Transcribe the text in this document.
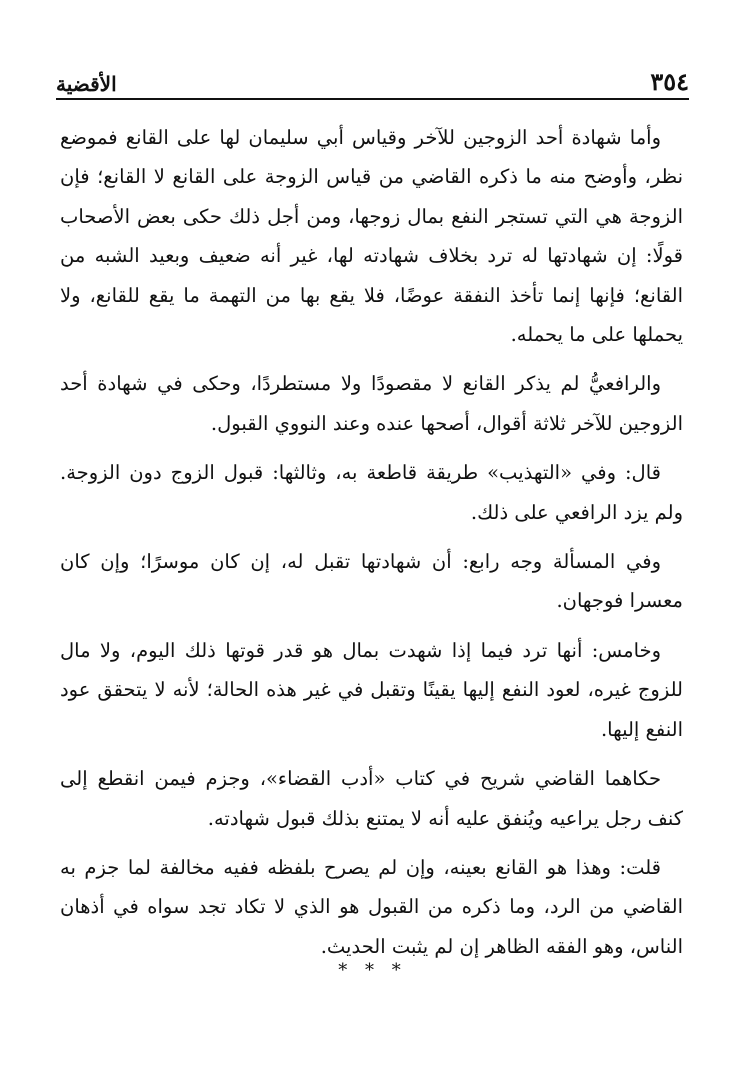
٣٥٤
الأقضية

وأما شهادة أحد الزوجين للآخر وقياس أبي سليمان لها على القانع فموضع نظر، وأوضح منه ما ذكره القاضي من قياس الزوجة على القانع لا القانع؛ فإن الزوجة هي التي تستجر النفع بمال زوجها، ومن أجل ذلك حكى بعض الأصحاب قولًا: إن شهادتها له ترد بخلاف شهادته لها، غير أنه ضعيف وبعيد الشبه من القانع؛ فإنها إنما تأخذ النفقة عوضًا، فلا يقع بها من التهمة ما يقع للقانع، ولا يحملها على ما يحمله.

والرافعيُّ لم يذكر القانع لا مقصودًا ولا مستطردًا، وحكى في شهادة أحد الزوجين للآخر ثلاثة أقوال، أصحها عنده وعند النووي القبول.

قال: وفي «التهذيب» طريقة قاطعة به، وثالثها: قبول الزوج دون الزوجة. ولم يزد الرافعي على ذلك.

وفي المسألة وجه رابع: أن شهادتها تقبل له، إن كان موسرًا؛ وإن كان معسرا فوجهان.

وخامس: أنها ترد فيما إذا شهدت بمال هو قدر قوتها ذلك اليوم، ولا مال للزوج غيره، لعود النفع إليها يقينًا وتقبل في غير هذه الحالة؛ لأنه لا يتحقق عود النفع إليها.

حكاهما القاضي شريح في كتاب «أدب القضاء»، وجزم فيمن انقطع إلى كنف رجل يراعيه ويُنفق عليه أنه لا يمتنع بذلك قبول شهادته.

قلت: وهذا هو القانع بعينه، وإن لم يصرح بلفظه ففيه مخالفة لما جزم به القاضي من الرد، وما ذكره من القبول هو الذي لا تكاد تجد سواه في أذهان الناس، وهو الفقه الظاهر إن لم يثبت الحديث.

* * *
